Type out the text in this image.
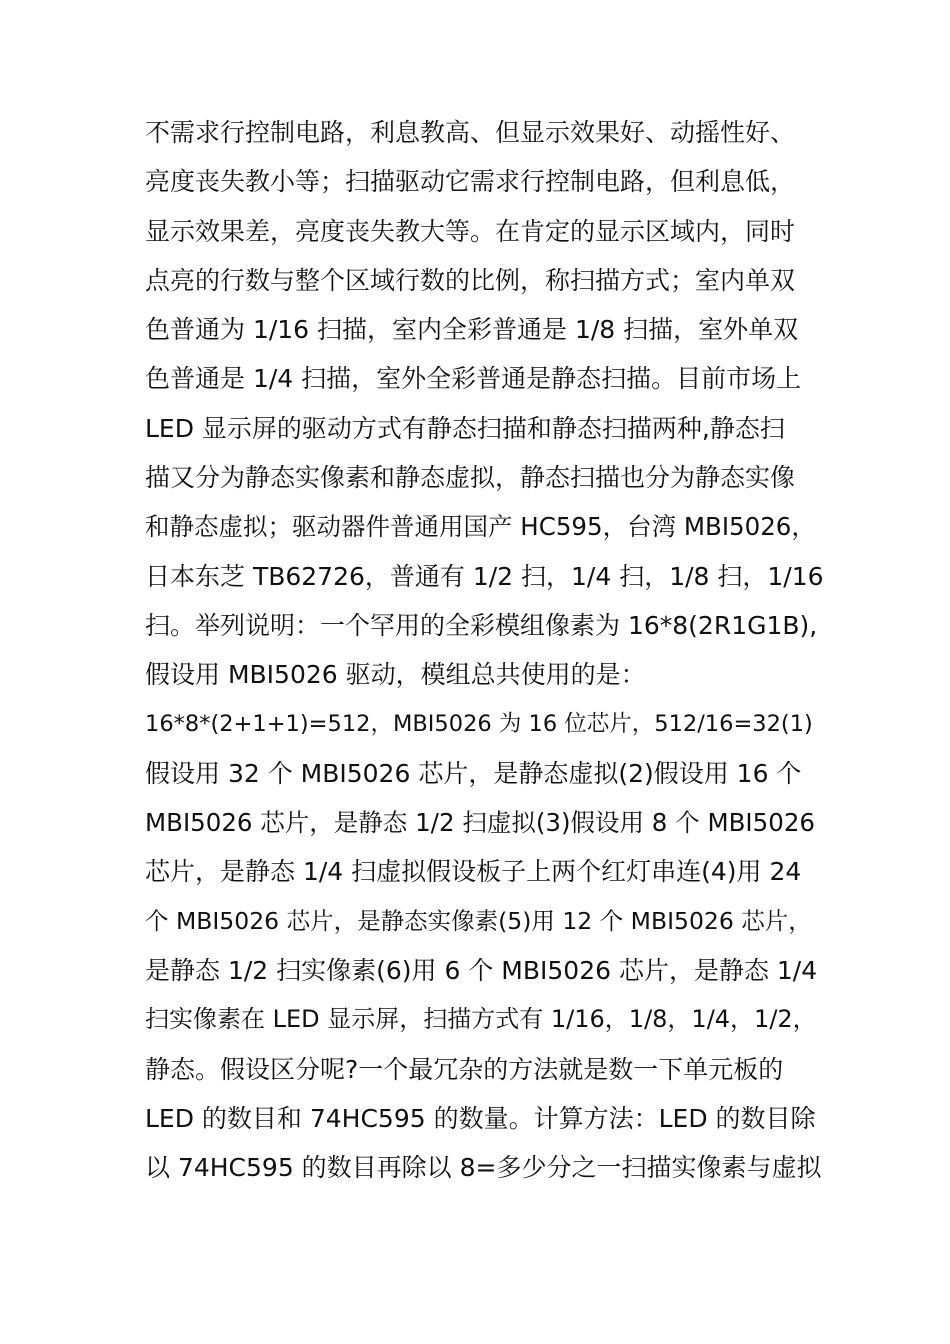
不需求行控制电路，利息教高、但显示效果好、动摇性好、
亮度丧失教小等；扫描驱动它需求行控制电路，但利息低，
显示效果差，亮度丧失教大等。在肯定的显示区域内，同时
点亮的行数与整个区域行数的比例，称扫描方式；室内单双
色普通为 1/16 扫描，室内全彩普通是 1/8 扫描，室外单双
色普通是 1/4 扫描，室外全彩普通是静态扫描。目前市场上
LED 显示屏的驱动方式有静态扫描和静态扫描两种,静态扫
描又分为静态实像素和静态虚拟，静态扫描也分为静态实像
和静态虚拟；驱动器件普通用国产 HC595，台湾 MBI5026，
日本东芝 TB62726，普通有 1/2 扫，1/4 扫，1/8 扫，1/16
扫。举列说明：一个罕用的全彩模组像素为 16*8(2R1G1B),
假设用 MBI5026 驱动，模组总共使用的是：
16*8*(2+1+1)=512，MBI5026 为 16 位芯片，512/16=32(1)
假设用 32 个 MBI5026 芯片，是静态虚拟(2)假设用 16 个
MBI5026 芯片，是静态 1/2 扫虚拟(3)假设用 8 个 MBI5026
芯片，是静态 1/4 扫虚拟假设板子上两个红灯串连(4)用 24
个 MBI5026 芯片，是静态实像素(5)用 12 个 MBI5026 芯片，
是静态 1/2 扫实像素(6)用 6 个 MBI5026 芯片，是静态 1/4
扫实像素在 LED 显示屏，扫描方式有 1/16，1/8，1/4，1/2，
静态。假设区分呢?一个最冗杂的方法就是数一下单元板的
LED 的数目和 74HC595 的数量。计算方法：LED 的数目除
以 74HC595 的数目再除以 8=多少分之一扫描实像素与虚拟
